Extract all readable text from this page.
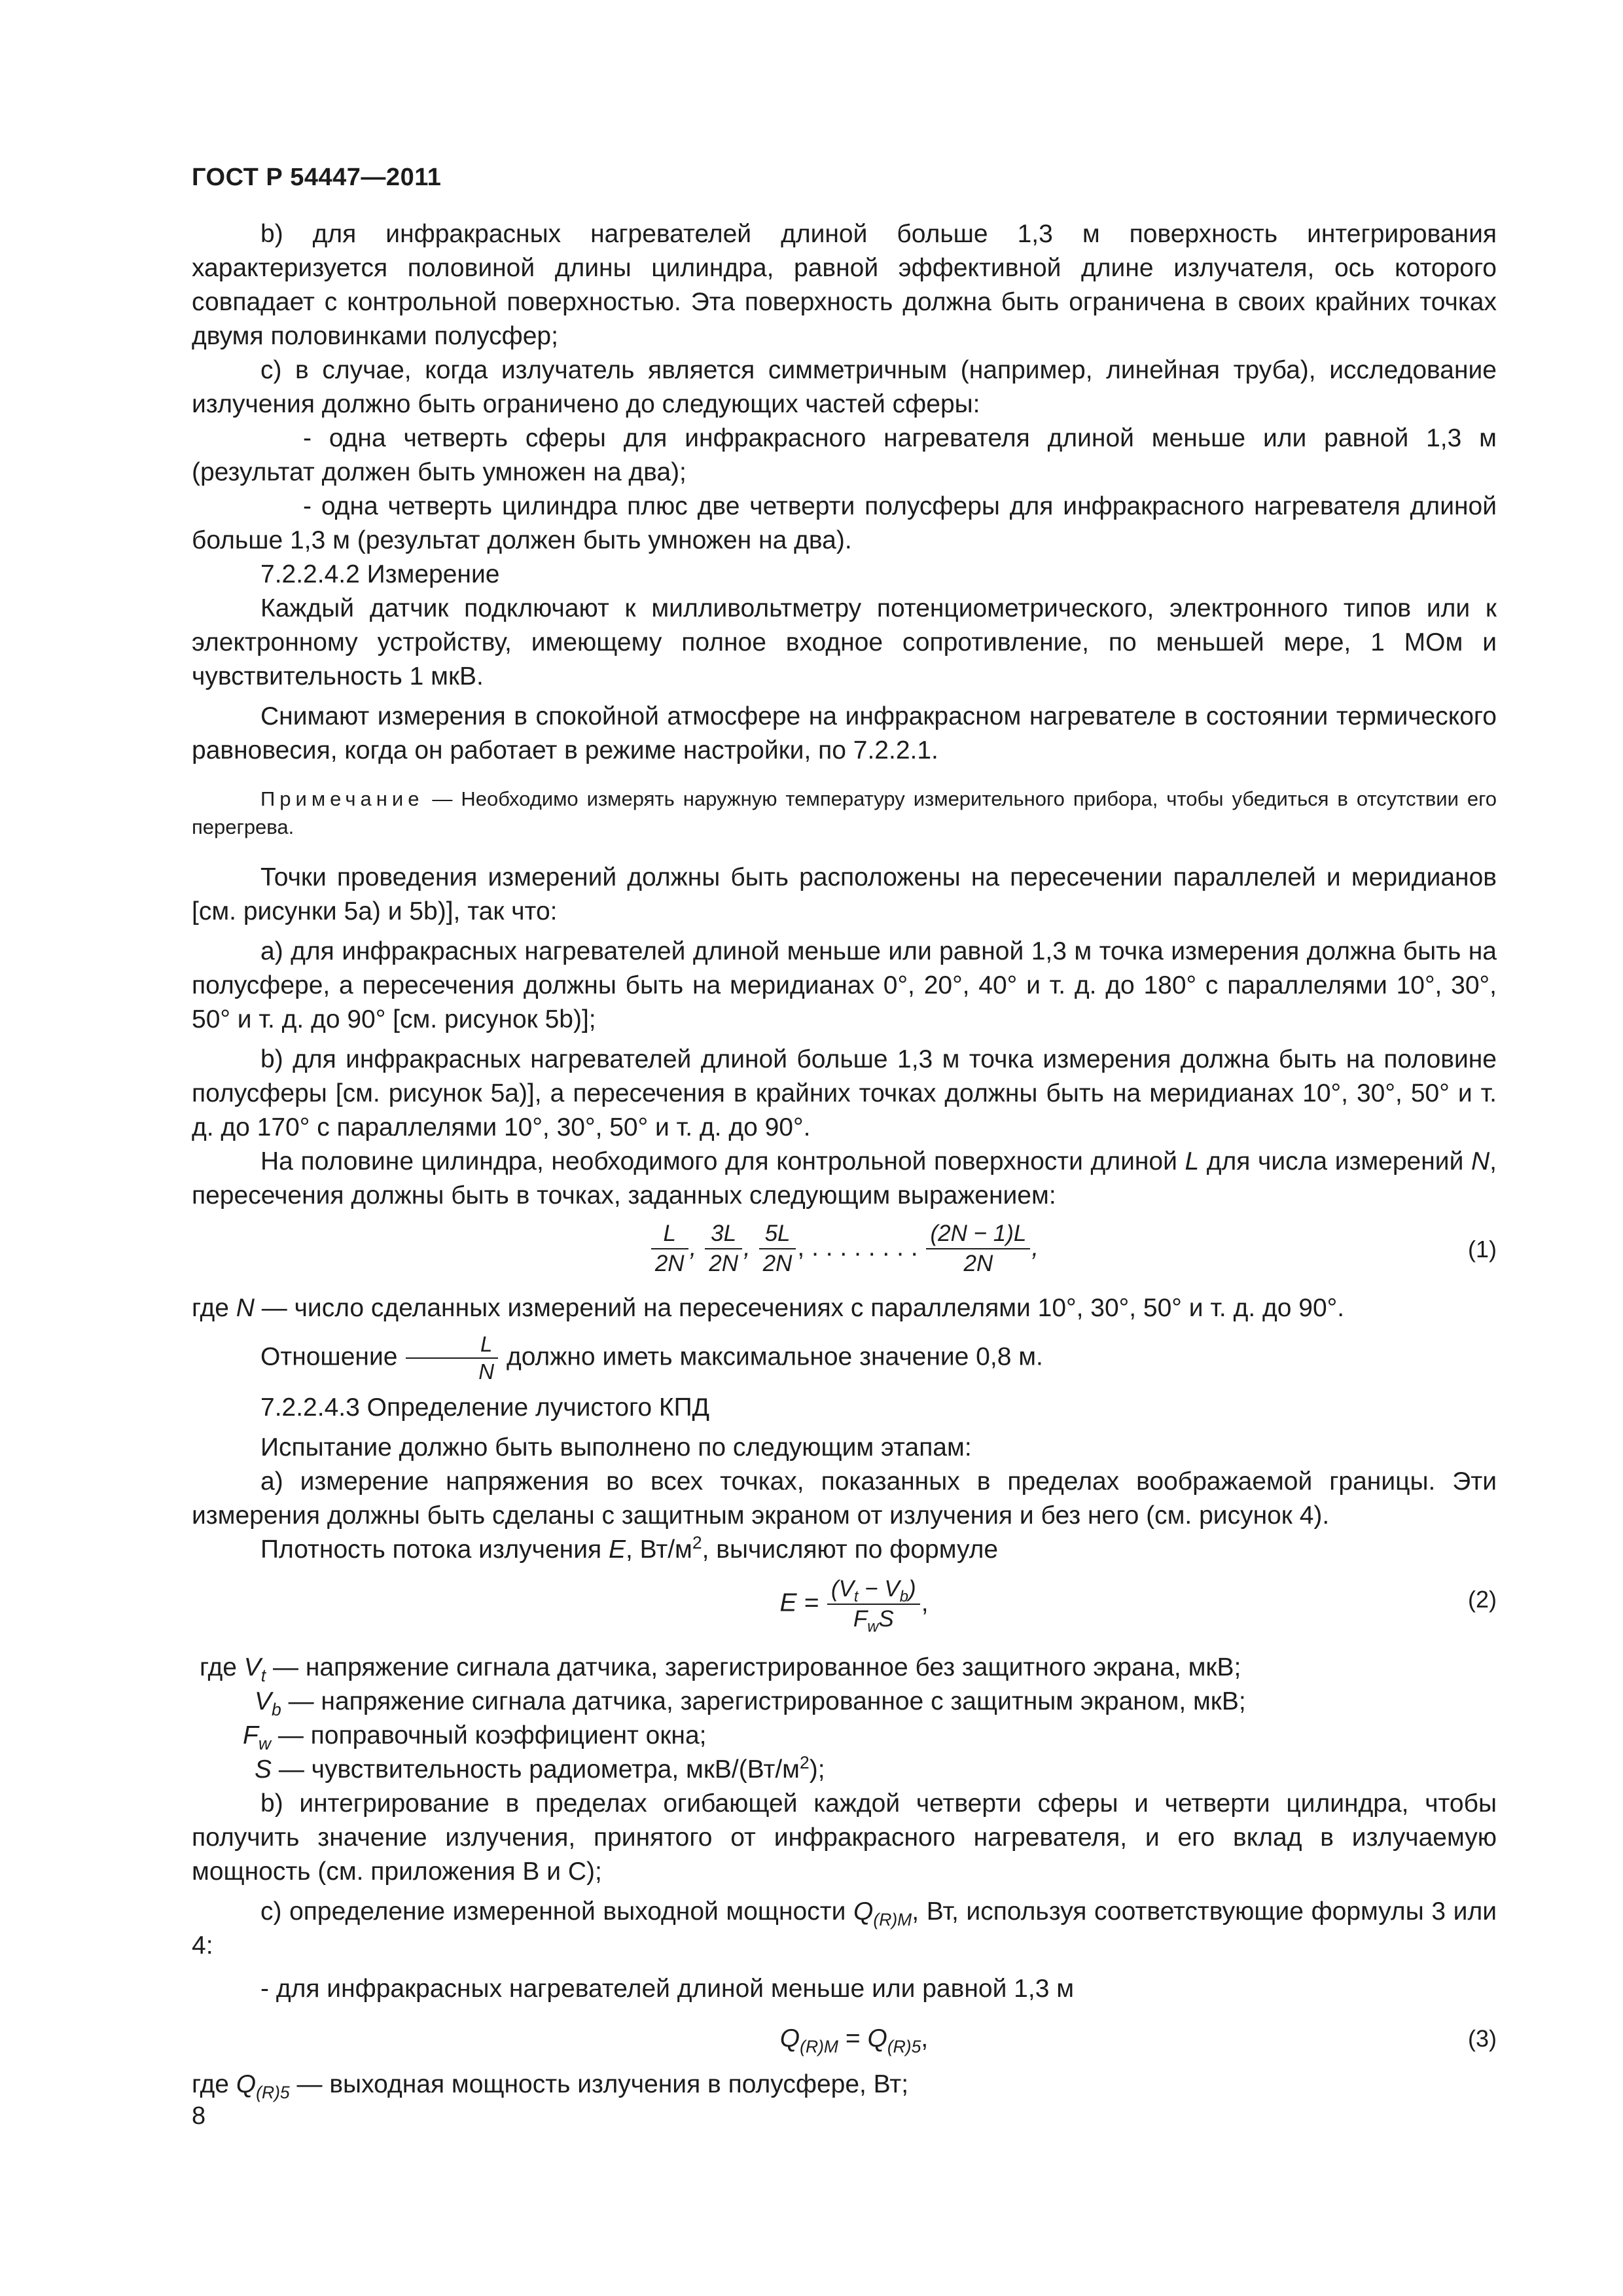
ГОСТ Р 54447—2011

b) для инфракрасных нагревателей длиной больше 1,3 м поверхность интегрирования характеризуется половиной длины цилиндра, равной эффективной длине излучателя, ось которого совпадает с контрольной поверхностью. Эта поверхность должна быть ограничена в своих крайних точках двумя половинками полусфер;

c) в случае, когда излучатель является симметричным (например, линейная труба), исследование излучения должно быть ограничено до следующих частей сферы:

- одна четверть сферы для инфракрасного нагревателя длиной меньше или равной 1,3 м (результат должен быть умножен на два);

- одна четверть цилиндра плюс две четверти полусферы для инфракрасного нагревателя длиной больше 1,3 м (результат должен быть умножен на два).

7.2.2.4.2 Измерение

Каждый датчик подключают к милливольтметру потенциометрического, электронного типов или к электронному устройству, имеющему полное входное сопротивление, по меньшей мере, 1 МОм и чувствительность 1 мкВ.

Снимают измерения в спокойной атмосфере на инфракрасном нагревателе в состоянии термического равновесия, когда он работает в режиме настройки, по 7.2.2.1.

Примечание — Необходимо измерять наружную температуру измерительного прибора, чтобы убедиться в отсутствии его перегрева.

Точки проведения измерений должны быть расположены на пересечении параллелей и меридианов [см. рисунки 5a) и 5b)], так что:

a) для инфракрасных нагревателей длиной меньше или равной 1,3 м точка измерения должна быть на полусфере, а пересечения должны быть на меридианах 0°, 20°, 40° и т. д. до 180° с параллелями 10°, 30°, 50° и т. д. до 90° [см. рисунок 5b)];

b) для инфракрасных нагревателей длиной больше 1,3 м точка измерения должна быть на половине полусферы [см. рисунок 5a)], а пересечения в крайних точках должны быть на меридианах 10°, 30°, 50° и т. д. до 170° с параллелями 10°, 30°, 50° и т. д. до 90°.

На половине цилиндра, необходимого для контрольной поверхности длиной L для числа измерений N, пересечения должны быть в точках, заданных следующим выражением:

$\frac{L}{2N}$ , $\frac{3L}{2N}$ , $\frac{5L}{2N}$ , . . . . . . . . $\frac{(2N - 1)L}{2N}$ ,	(1)

где N — число сделанных измерений на пересечениях с параллелями 10°, 30°, 50° и т. д. до 90°.

Отношение $\frac{L}{N}$ должно иметь максимальное значение 0,8 м.

7.2.2.4.3 Определение лучистого КПД

Испытание должно быть выполнено по следующим этапам:

a) измерение напряжения во всех точках, показанных в пределах воображаемой границы. Эти измерения должны быть сделаны с защитным экраном от излучения и без него (см. рисунок 4).

Плотность потока излучения E, $Вт/м^2$, вычисляют по формуле

$E = \frac{(V_t - V_b)}{F_wS}$ ,	(2)

где $V_t$ — напряжение сигнала датчика, зарегистрированное без защитного экрана, мкВ;

$V_b$ — напряжение сигнала датчика, зарегистрированное с защитным экраном, мкВ;

$F_w$ — поправочный коэффициент окна;

S — чувствительность радиометра, мкВ/$(Вт/м^2)$;

b) интегрирование в пределах огибающей каждой четверти сферы и четверти цилиндра, чтобы получить значение излучения, принятого от инфракрасного нагревателя, и его вклад в излучаемую мощность (см. приложения B и C);

c) определение измеренной выходной мощности $Q_{(R)M}$, Вт, используя соответствующие формулы 3 или 4:

- для инфракрасных нагревателей длиной меньше или равной 1,3 м

$Q_{(R)M} = Q_{(R)5}$,	(3)

где $Q_{(R)5}$ — выходная мощность излучения в полусфере, Вт;

8
